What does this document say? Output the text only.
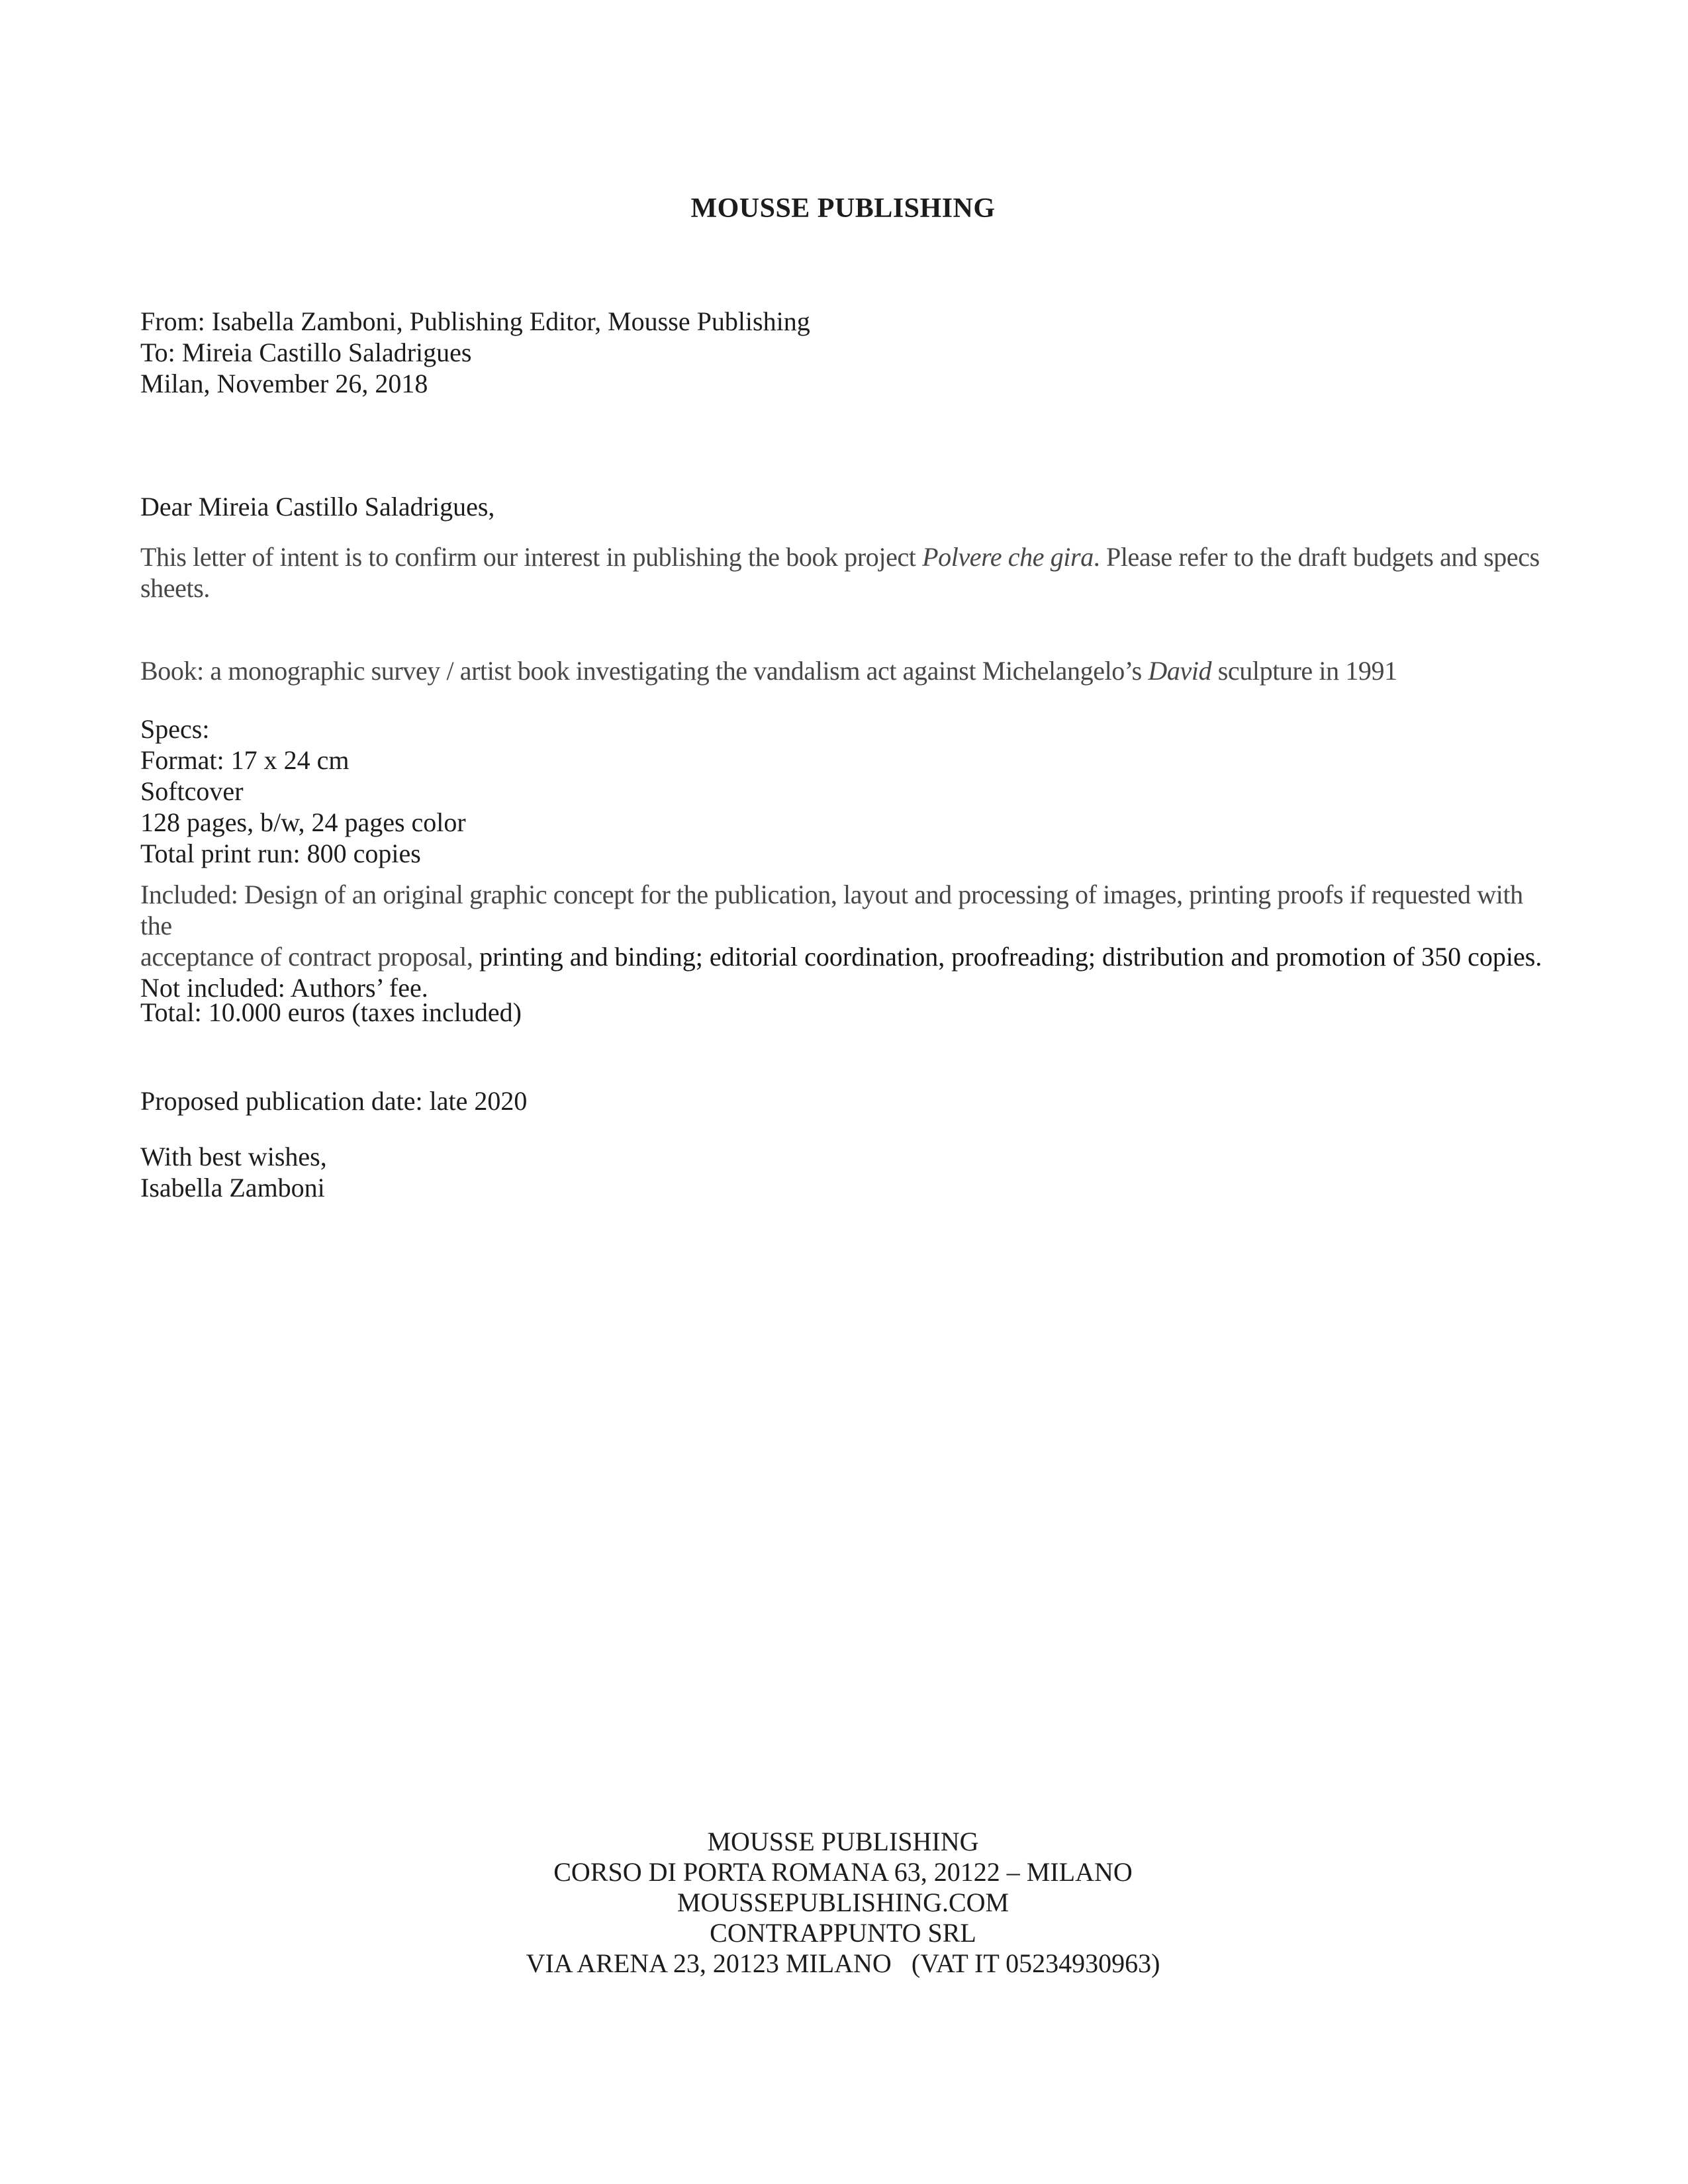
MOUSSE PUBLISHING

From: Isabella Zamboni, Publishing Editor, Mousse Publishing

To: Mireia Castillo Saladrigues

Milan, November 26, 2018

Dear Mireia Castillo Saladrigues,

This letter of intent is to confirm our interest in publishing the book project Polvere che gira. Please refer to the draft budgets and specs

sheets.

Book: a monographic survey / artist book investigating the vandalism act against Michelangelo’s David sculpture in 1991

Specs:

Format: 17 x 24 cm

Softcover

128 pages, b/w, 24 pages color

Total print run: 800 copies

Included: Design of an original graphic concept for the publication, layout and processing of images, printing proofs if requested with the

acceptance of contract proposal, printing and binding; editorial coordination, proofreading; distribution and promotion of 350 copies.

Not included: Authors’ fee.

Total: 10.000 euros (taxes included)

Proposed publication date: late 2020

With best wishes,

Isabella Zamboni

MOUSSE PUBLISHING

CORSO DI PORTA ROMANA 63, 20122 – MILANO

MOUSSEPUBLISHING.COM

CONTRAPPUNTO SRL

VIA ARENA 23, 20123 MILANO   (VAT IT 05234930963)
